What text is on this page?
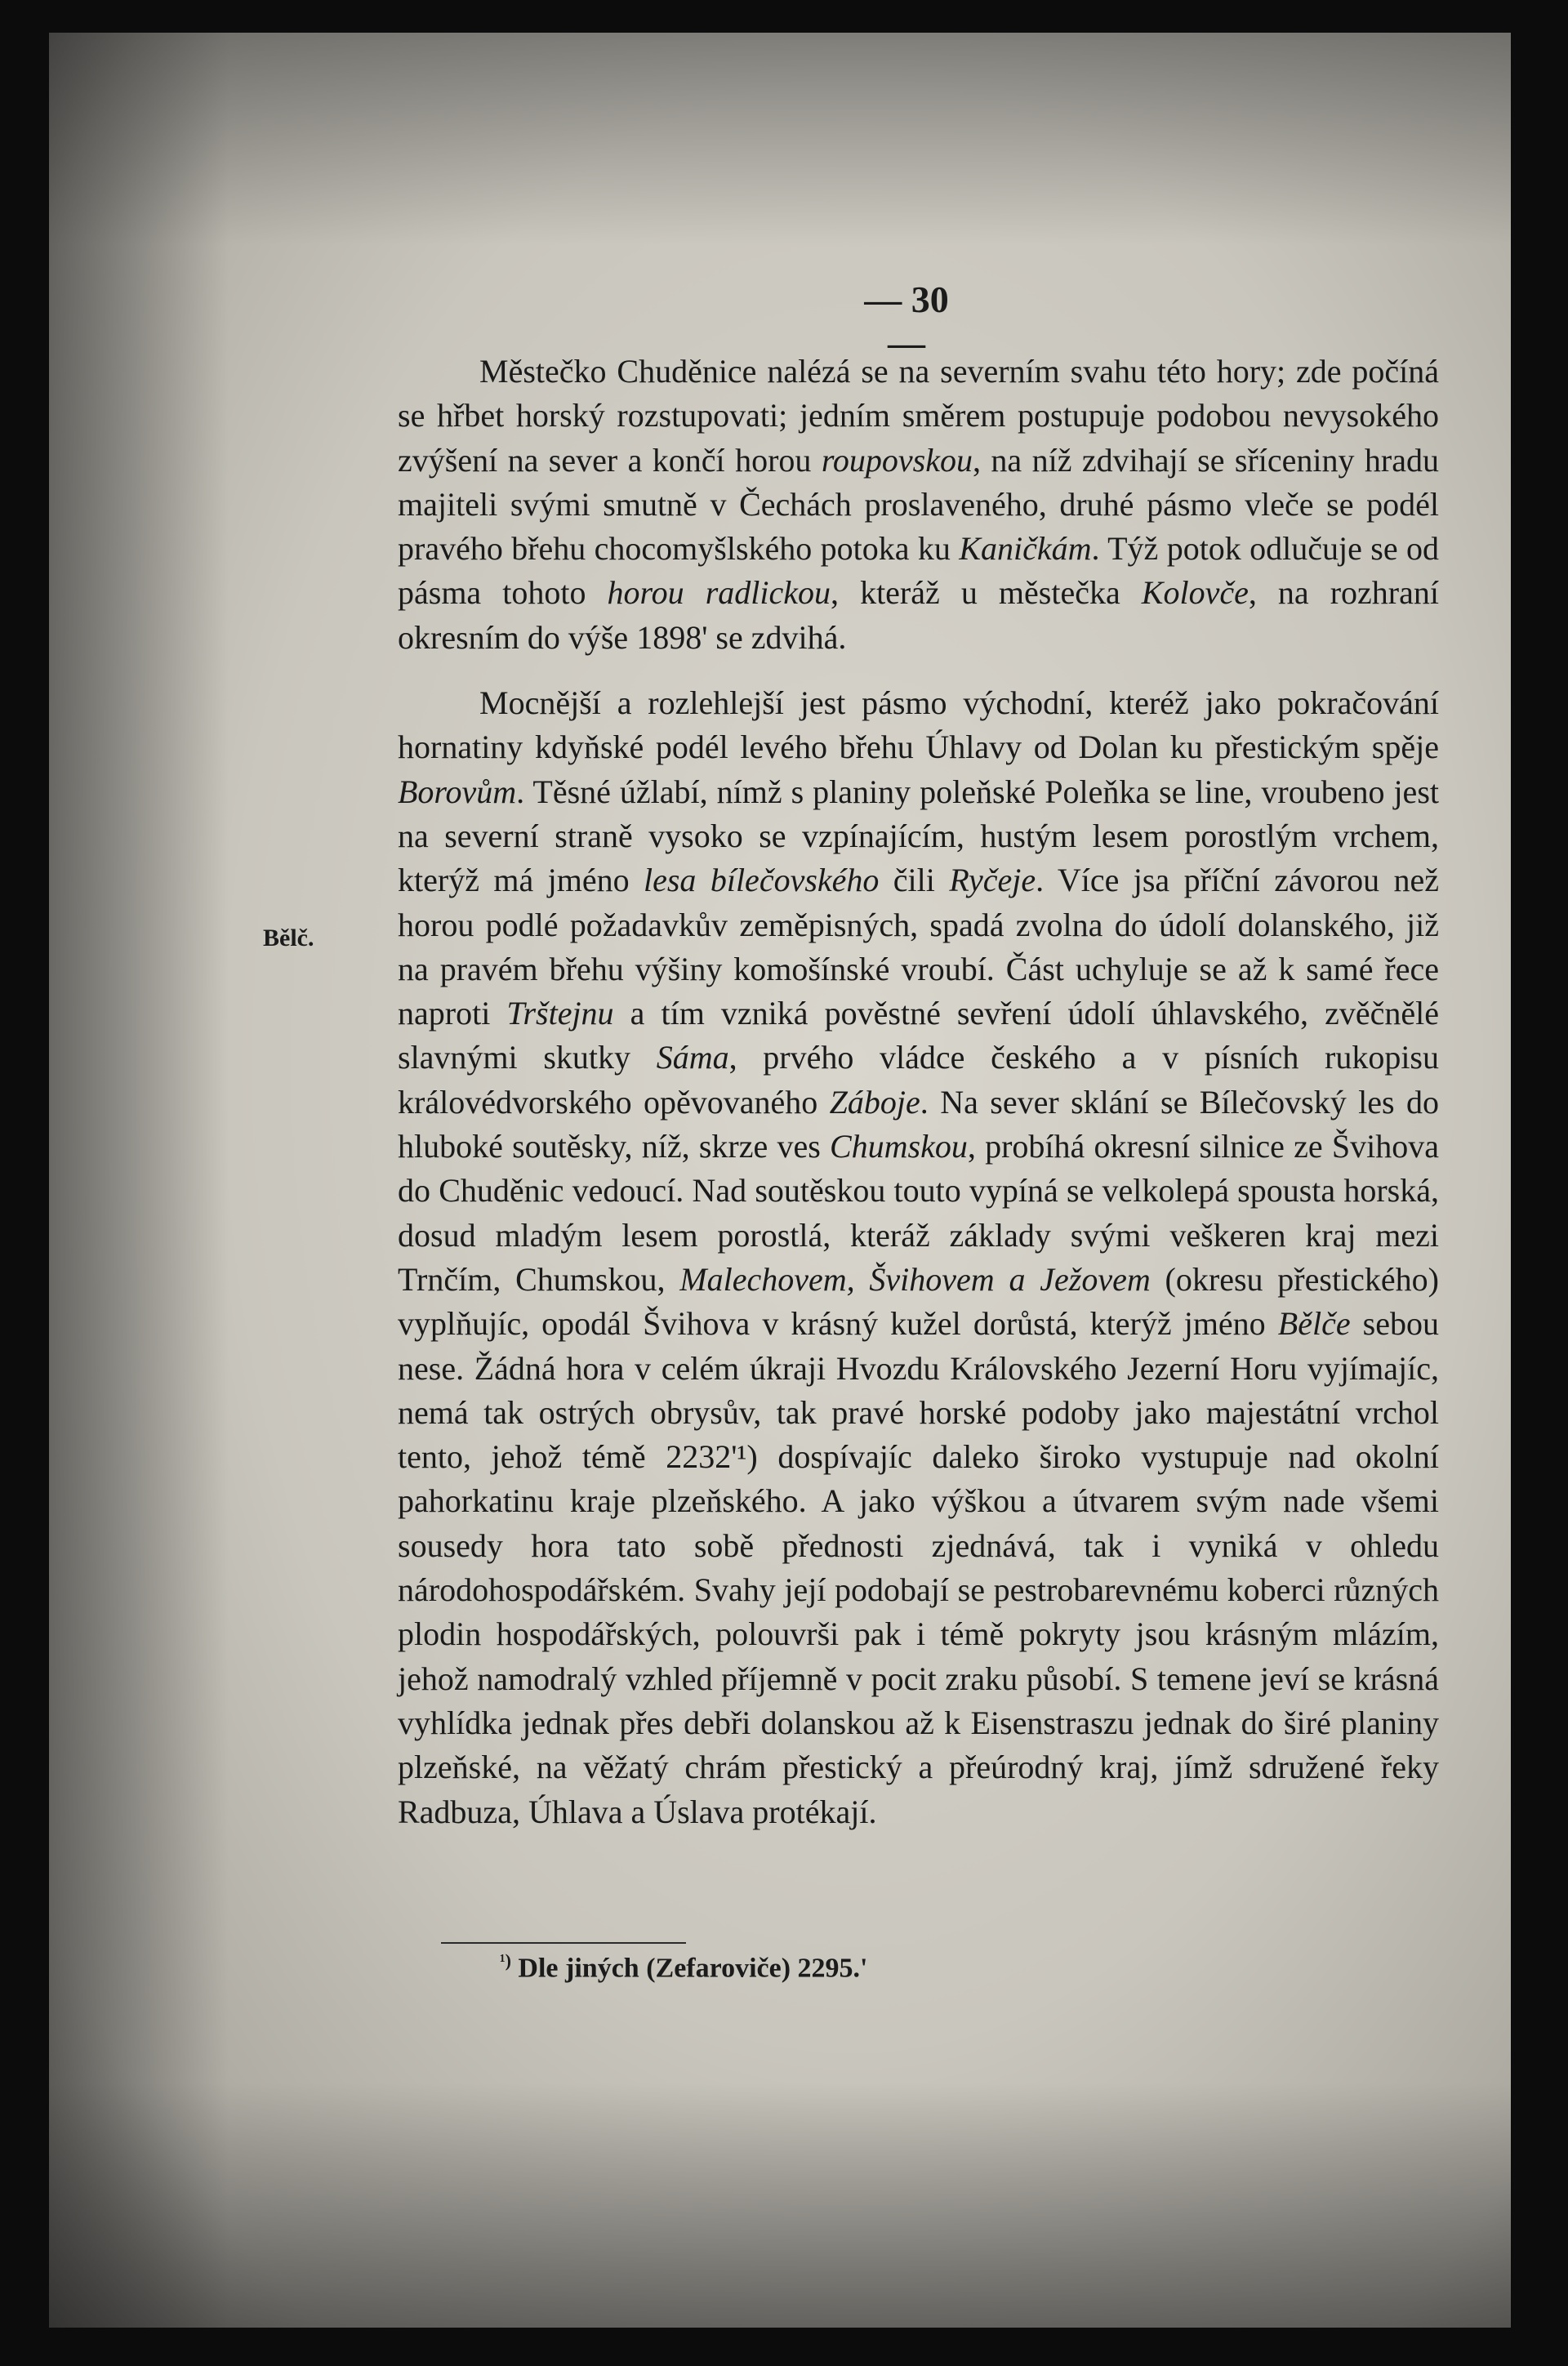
— 30 —
Bělč.

Městečko Chuděnice nalézá se na severním svahu této hory; zde počíná se hřbet horský rozstupovati; jedním směrem postupuje podobou nevysokého zvýšení na sever a končí horou roupovskou, na níž zdvihají se sříceniny hradu majiteli svými smutně v Čechách proslaveného, druhé pásmo vleče se podél pravého břehu chocomyšlského potoka ku Kaničkám. Týž potok odlučuje se od pásma tohoto horou radlickou, kteráž u městečka Kolovče, na rozhraní okresním do výše 1898' se zdvihá.

Mocnější a rozlehlejší jest pásmo východní, kteréž jako pokračování hornatiny kdyňské podél levého břehu Úhlavy od Dolan ku přestickým spěje Borovům. Těsné úžlabí, nímž s planiny poleňské Poleňka se line, vroubeno jest na severní straně vysoko se vzpínajícím, hustým lesem porostlým vrchem, kterýž má jméno lesa bílečovského čili Ryčeje. Více jsa příční závorou než horou podlé požadavkův zeměpisných, spadá zvolna do údolí dolanského, již na pravém břehu výšiny komošínské vroubí. Část uchyluje se až k samé řece naproti Trštejnu a tím vzniká pověstné sevření údolí úhlavského, zvěčnělé slavnými skutky Sáma, prvého vládce českého a v písních rukopisu královédvorského opěvovaného Záboje. Na sever sklání se Bílečovský les do hluboké soutěsky, níž, skrze ves Chumskou, probíhá okresní silnice ze Švihova do Chuděnic vedoucí. Nad soutěskou touto vypíná se velkolepá spousta horská, dosud mladým lesem porostlá, kteráž základy svými veškeren kraj mezi Trnčím, Chumskou, Malechovem, Švihovem a Ježovem (okresu přestického) vyplňujíc, opodál Švihova v krásný kužel dorůstá, kterýž jméno Bělče sebou nese. Žádná hora v celém úkraji Hvozdu Královského Jezerní Horu vyjímajíc, nemá tak ostrých obrysův, tak pravé horské podoby jako majestátní vrchol tento, jehož témě 2232'¹) dospívajíc daleko široko vystupuje nad okolní pahorkatinu kraje plzeňského. A jako výškou a útvarem svým nade všemi sousedy hora tato sobě přednosti zjednává, tak i vyniká v ohledu národohospodářském. Svahy její podobají se pestrobarevnému koberci různých plodin hospodářských, polouvrši pak i témě pokryty jsou krásným mlázím, jehož namodralý vzhled příjemně v pocit zraku působí. S temene jeví se krásná vyhlídka jednak přes debři dolanskou až k Eisenstraszu jednak do širé planiny plzeňské, na věžatý chrám přestický a přeúrodný kraj, jímž sdružené řeky Radbuza, Úhlava a Úslava protékají.

$^{^1)}$ Dle jiných (Zefaroviče) 2295.'
